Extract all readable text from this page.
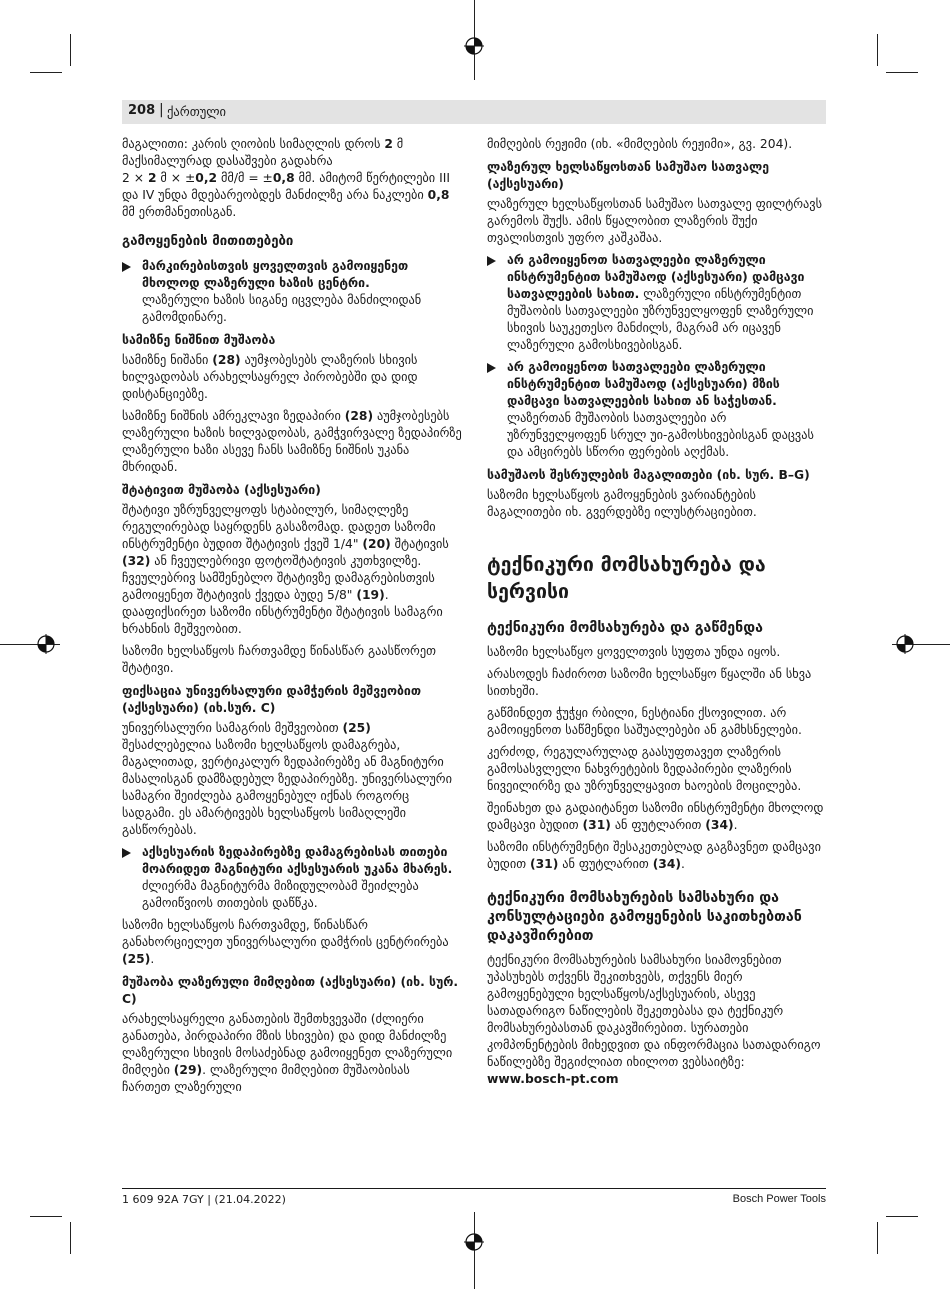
208 | ქართული

მაგალითი: კარის ღიობის სიმაღლის დროს 2 მ მაქსიმალურად დასაშვები გადახრა
2 × 2 მ × ±0,2 მმ/მ = ±0,8 მმ. ამიტომ წერტილები III და IV უნდა მდებარეობდეს მანძილზე არა ნაკლები 0,8 მმ ერთმანეთისგან.

გამოყენების მითითებები
მარკირებისთვის ყოველთვის გამოიყენეთ მხოლოდ ლაზერული ხაზის ცენტრი.
ლაზერული ხაზის სიგანე იცვლება მანძილიდან გამომდინარე.
სამიზნე ნიშნით მუშაობა

სამიზნე ნიშანი (28) აუმჯობესებს ლაზერის სხივის ხილვადობას არახელსაყრელ პირობებში და დიდ დისტანციებზე.

სამიზნე ნიშნის ამრეკლავი ზედაპირი (28) აუმჯობესებს ლაზერული ხაზის ხილვადობას, გამჭვირვალე ზედაპირზე ლაზერული ხაზი ასევე ჩანს სამიზნე ნიშნის უკანა მხრიდან.

შტატივით მუშაობა (აქსესუარი)

შტატივი უზრუნველყოფს სტაბილურ, სიმაღლეზე რეგულირებად საყრდენს გასაზომად. დადეთ საზომი ინსტრუმენტი ბუდით შტატივის ქვეშ 1/4" (20) შტატივის (32) ან ჩვეულებრივი ფოტოშტატივის კუთხვილზე. ჩვეულებრივ სამშენებლო შტატივზე დამაგრებისთვის გამოიყენეთ შტატივის ქვედა ბუდე 5/8" (19). დააფიქსირეთ საზომი ინსტრუმენტი შტატივის სამაგრი ხრახნის მეშვეობით.

საზომი ხელსაწყოს ჩართვამდე წინასწარ გაასწორეთ შტატივი.

ფიქსაცია უნივერსალური დამჭერის მეშვეობით (აქსესუარი) (იხ.სურ. C)

უნივერსალური სამაგრის მეშვეობით (25) შესაძლებელია საზომი ხელსაწყოს დამაგრება, მაგალითად, ვერტიკალურ ზედაპირებზე ან მაგნიტური მასალისგან დამზადებულ ზედაპირებზე. უნივერსალური სამაგრი შეიძლება გამოყენებულ იქნას როგორც სადგამი. ეს ამარტივებს ხელსაწყოს სიმაღლეში გასწორებას.

აქსესუარის ზედაპირებზე დამაგრებისას თითები მოარიდეთ მაგნიტური აქსესუარის უკანა მხარეს. ძლიერმა მაგნიტურმა მიზიდულობამ შეიძლება გამოიწვიოს თითების დაწწკა.

საზომი ხელსაწყოს ჩართვამდე, წინასწარ განახორციელეთ უნივერსალური დამჭრის ცენტრირება (25).

მუშაობა ლაზერული მიმღებით (აქსესუარი) (იხ. სურ. C)

არახელსაყრელი განათების შემთხვევაში (ძლიერი განათება, პირდაპირი მზის სხივები) და დიდ მანძილზე ლაზერული სხივის მოსაძებნად გამოიყენეთ ლაზერული მიმღები (29). ლაზერული მიმღებით მუშაობისას ჩართეთ ლაზერული

მიმღების რეჟიმი (იხ. «მიმღების რეჟიმი», გვ. 204).

ლაზერულ ხელსაწყოსთან სამუშაო სათვალე (აქსესუარი)

ლაზერულ ხელსაწყოსთან სამუშაო სათვალე ფილტრავს გარემოს შუქს. ამის წყალობით ლაზერის შუქი თვალისთვის უფრო კაშკაშაა.

არ გამოიყენოთ სათვალეები ლაზერული ინსტრუმენტით სამუშაოდ (აქსესუარი) დამცავი სათვალეების სახით. ლაზერული ინსტრუმენტით მუშაობის სათვალეები უზრუნველყოფენ ლაზერული სხივის საუკეთესო მანძილს, მაგრამ არ იცავენ ლაზერული გამოსხივებისგან.
არ გამოიყენოთ სათვალეები ლაზერული ინსტრუმენტით სამუშაოდ (აქსესუარი) მზის დამცავი სათვალეების სახით ან საჭესთან. ლაზერთან მუშაობის სათვალეები არ უზრუნველყოფენ სრულ უი-გამოსხივებისგან დაცვას და ამცირებს სწორი ფერების აღქმას.
სამუშაოს შესრულების მაგალითები (იხ. სურ. B–G)

საზომი ხელსაწყოს გამოყენების ვარიანტების მაგალითები იხ. გვერდებზე ილუსტრაციებით.

ტექნიკური მომსახურება და სერვისი
ტექნიკური მომსახურება და გაწმენდა

საზომი ხელსაწყო ყოველთვის სუფთა უნდა იყოს.

არასოდეს ჩაძიროთ საზომი ხელსაწყო წყალში ან სხვა სითხეში.

გაწმინდეთ ჭუჭყი რბილი, ნესტიანი ქსოვილით. არ გამოიყენოთ საწმენდი საშუალებები ან გამხსნელები.

კერძოდ, რეგულარულად გაასუფთავეთ ლაზერის გამოსასვლელი ნახვრეტების ზედაპირები ლაზერის ნივეილირზე და უზრუნველყავით ხაოების მოცილება.

შეინახეთ და გადაიტანეთ საზომი ინსტრუმენტი მხოლოდ დამცავი ბუდით (31) ან ფუტლარით (34).

საზომი ინსტრუმენტი შესაკეთებლად გაგზავნეთ დამცავი ბუდით (31) ან ფუტლარით (34).

ტექნიკური მომსახურების სამსახური და კონსულტაციები გამოყენების საკითხებთან დაკავშირებით

ტექნიკური მომსახურების სამსახური სიამოვნებით უპასუხებს თქვენს შეკითხვებს, თქვენს მიერ გამოყენებული ხელსაწყოს/აქსესუარის, ასევე სათადარიგო ნაწილების შეკეთებასა და ტექნიკურ მომსახურებასთან დაკავშირებით. სურათები კომპონენტების მიხედვით და ინფორმაცია სათადარიგო ნაწილებზე შეგიძლიათ იხილოთ ვებსაიტზე: www.bosch-pt.com

1 609 92A 7GY | (21.04.2022)	Bosch Power Tools
